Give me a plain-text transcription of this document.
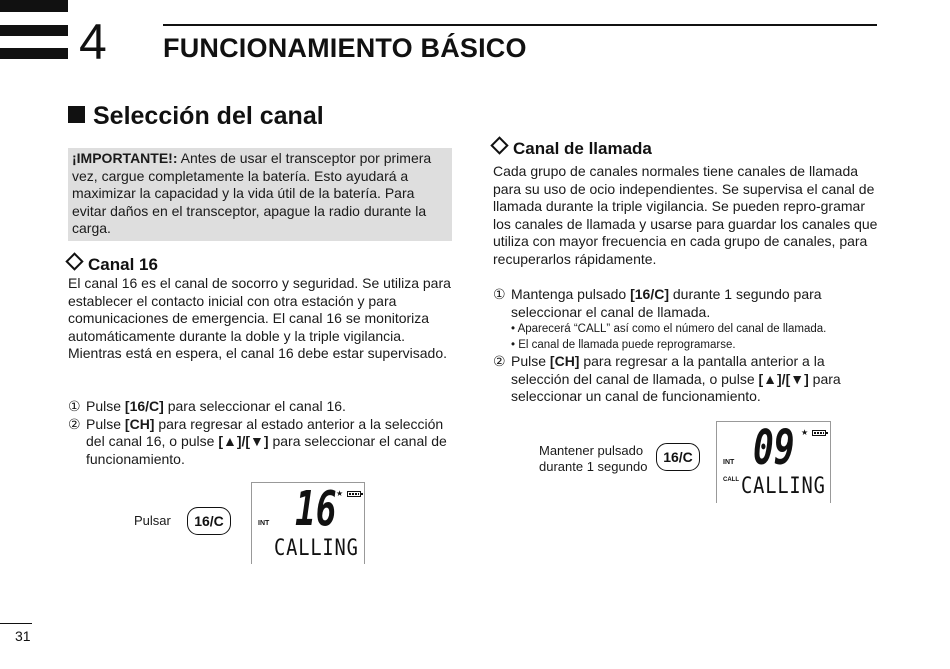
4 FUNCIONAMIENTO BÁSICO
Selección del canal
¡IMPORTANTE!: Antes de usar el transceptor por primera vez, cargue completamente la batería. Esto ayudará a maximizar la capacidad y la vida útil de la batería. Para evitar daños en el transceptor, apague la radio durante la carga.
Canal 16
El canal 16 es el canal de socorro y seguridad. Se utiliza para establecer el contacto inicial con otra estación y para comunicaciones de emergencia. El canal 16 se monitoriza automáticamente durante la doble y la triple vigilancia. Mientras está en espera, el canal 16 debe estar supervisado.
① Pulse [16/C] para seleccionar el canal 16.
② Pulse [CH] para regresar al estado anterior a la selección del canal 16, o pulse [▲]/[▼] para seleccionar el canal de funcionamiento.
Pulsar	16/C	INT 16 ★
CALLING
Canal de llamada
Cada grupo de canales normales tiene canales de llamada para su uso de ocio independientes. Se supervisa el canal de llamada durante la triple vigilancia. Se pueden repro-gramar los canales de llamada y usarse para guardar los canales que utiliza con mayor frecuencia en cada grupo de canales, para recuperarlos rápidamente.
① Mantenga pulsado [16/C] durante 1 segundo para seleccionar el canal de llamada.
• Aparecerá “CALL” así como el número del canal de llamada.
• El canal de llamada puede reprogramarse.
② Pulse [CH] para regresar a la pantalla anterior a la selección del canal de llamada, o pulse [▲]/[▼] para seleccionar un canal de funcionamiento.
Mantener pulsado
durante 1 segundo
16/C	INT
CALL
09 ★
CALLING
31
